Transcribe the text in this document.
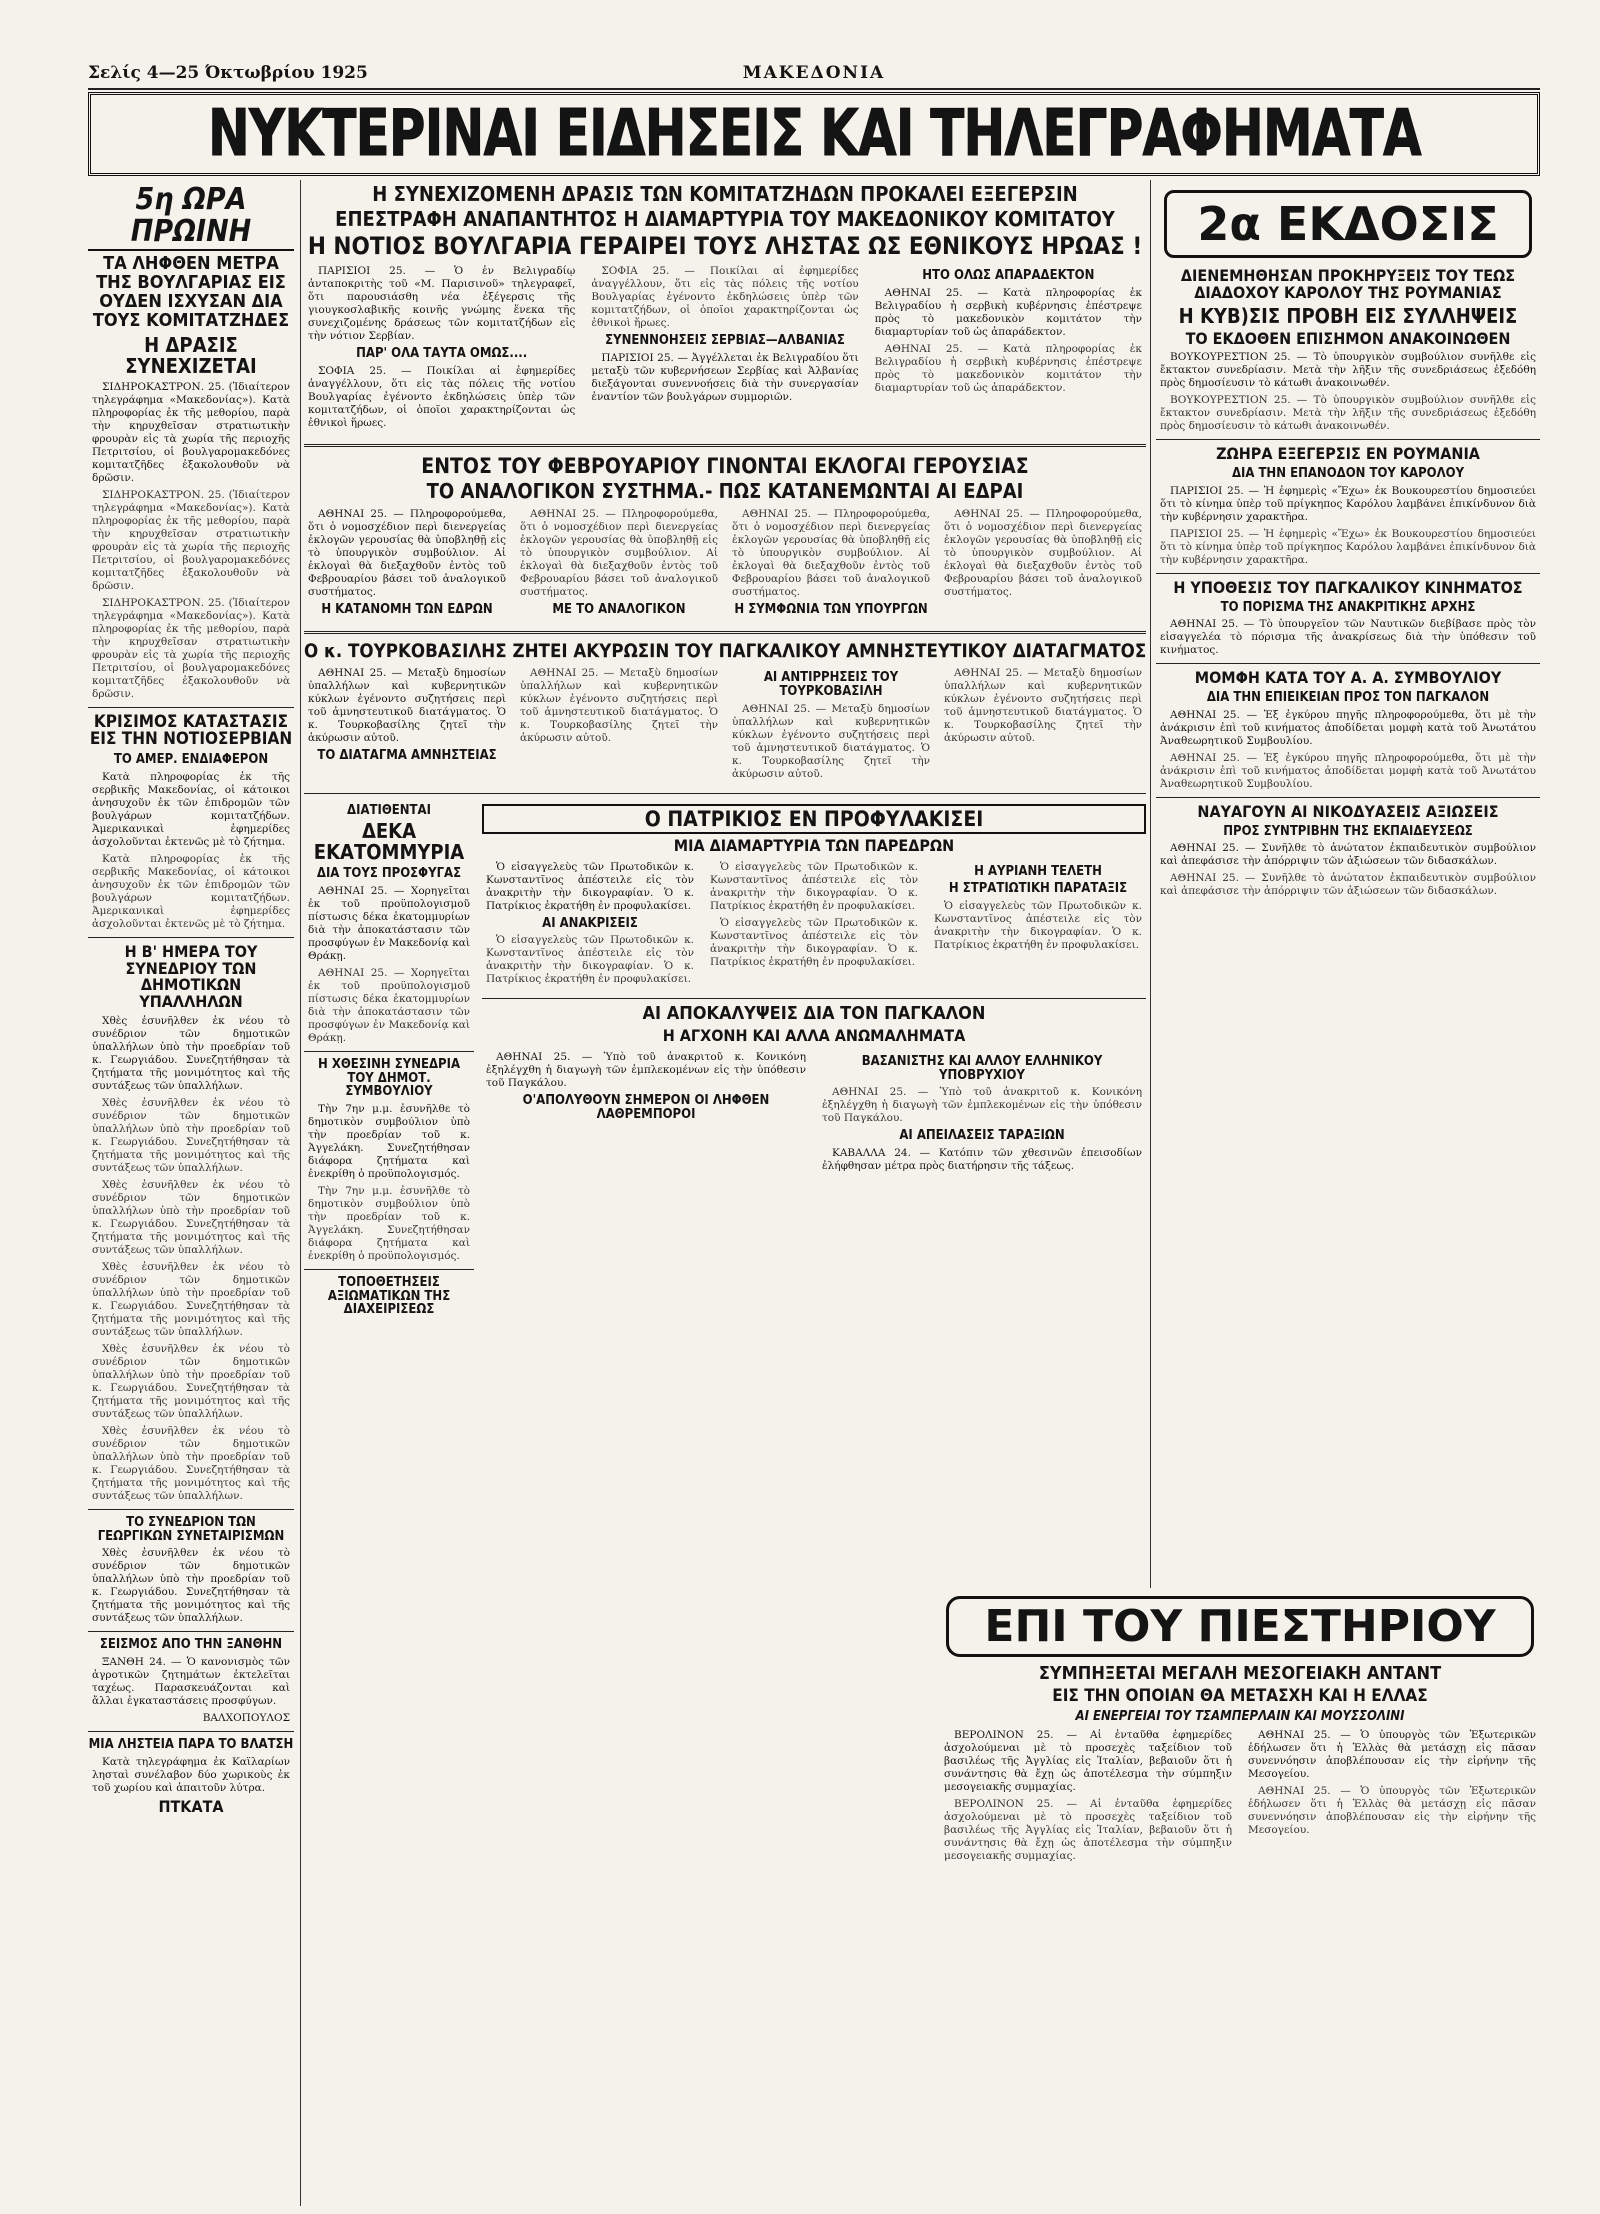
Σελίς 4—25 Όκτωβρίου 1925	ΜΑΚΕΔΟΝΙΑ
ΝΥΚΤΕΡΙΝΑΙ ΕΙΔΗΣΕΙΣ ΚΑΙ ΤΗΛΕΓΡΑΦΗΜΑΤΑ
5η ΩΡΑ ΠΡΩΙΝΗ
ΤΑ ΛΗΦΘΕΝ ΜΕΤΡΑ ΤΗΣ ΒΟΥΛΓΑΡΙΑΣ ΕΙΣ ΟΥΔΕΝ ΙΣΧΥΣΑΝ ΔΙΑ ΤΟΥΣ ΚΟΜΙΤΑΤΖΗΔΕΣ
Η ΔΡΑΣΙΣ ΣΥΝΕΧΙΖΕΤΑΙ

ΣΙΔΗΡΟΚΑΣΤΡΟΝ. 25. (Ἰδιαίτερον τηλεγράφημα «Μακεδονίας»). Κατὰ πληροφορίας ἐκ τῆς μεθορίου, παρὰ τὴν κηρυχθεῖσαν στρατιωτικὴν φρουρὰν εἰς τὰ χωρία τῆς περιοχῆς Πετριτσίου, οἱ βουλγαρομακεδόνες κομιτατζῆδες ἐξακολουθοῦν νὰ δρῶσιν.

ΣΙΔΗΡΟΚΑΣΤΡΟΝ. 25. (Ἰδιαίτερον τηλεγράφημα «Μακεδονίας»). Κατὰ πληροφορίας ἐκ τῆς μεθορίου, παρὰ τὴν κηρυχθεῖσαν στρατιωτικὴν φρουρὰν εἰς τὰ χωρία τῆς περιοχῆς Πετριτσίου, οἱ βουλγαρομακεδόνες κομιτατζῆδες ἐξακολουθοῦν νὰ δρῶσιν.

ΣΙΔΗΡΟΚΑΣΤΡΟΝ. 25. (Ἰδιαίτερον τηλεγράφημα «Μακεδονίας»). Κατὰ πληροφορίας ἐκ τῆς μεθορίου, παρὰ τὴν κηρυχθεῖσαν στρατιωτικὴν φρουρὰν εἰς τὰ χωρία τῆς περιοχῆς Πετριτσίου, οἱ βουλγαρομακεδόνες κομιτατζῆδες ἐξακολουθοῦν νὰ δρῶσιν.

ΚΡΙΣΙΜΟΣ ΚΑΤΑΣΤΑΣΙΣ ΕΙΣ ΤΗΝ ΝΟΤΙΟΣΕΡΒΙΑΝ
ΤΟ ΑΜΕΡ. ΕΝΔΙΑΦΕΡΟΝ

Κατὰ πληροφορίας ἐκ τῆς σερβικῆς Μακεδονίας, οἱ κάτοικοι ἀνησυχοῦν ἐκ τῶν ἐπιδρομῶν τῶν βουλγάρων κομιτατζήδων. Ἀμερικανικαὶ ἐφημερίδες ἀσχολοῦνται ἐκτενῶς μὲ τὸ ζήτημα.

Κατὰ πληροφορίας ἐκ τῆς σερβικῆς Μακεδονίας, οἱ κάτοικοι ἀνησυχοῦν ἐκ τῶν ἐπιδρομῶν τῶν βουλγάρων κομιτατζήδων. Ἀμερικανικαὶ ἐφημερίδες ἀσχολοῦνται ἐκτενῶς μὲ τὸ ζήτημα.

Η Β' ΗΜΕΡΑ ΤΟΥ ΣΥΝΕΔΡΙΟΥ ΤΩΝ ΔΗΜΟΤΙΚΩΝ ΥΠΑΛΛΗΛΩΝ

Χθὲς ἐσυνῆλθεν ἐκ νέου τὸ συνέδριον τῶν δημοτικῶν ὑπαλλήλων ὑπὸ τὴν προεδρίαν τοῦ κ. Γεωργιάδου. Συνεζητήθησαν τὰ ζητήματα τῆς μονιμότητος καὶ τῆς συντάξεως τῶν ὑπαλλήλων.

Χθὲς ἐσυνῆλθεν ἐκ νέου τὸ συνέδριον τῶν δημοτικῶν ὑπαλλήλων ὑπὸ τὴν προεδρίαν τοῦ κ. Γεωργιάδου. Συνεζητήθησαν τὰ ζητήματα τῆς μονιμότητος καὶ τῆς συντάξεως τῶν ὑπαλλήλων.

Χθὲς ἐσυνῆλθεν ἐκ νέου τὸ συνέδριον τῶν δημοτικῶν ὑπαλλήλων ὑπὸ τὴν προεδρίαν τοῦ κ. Γεωργιάδου. Συνεζητήθησαν τὰ ζητήματα τῆς μονιμότητος καὶ τῆς συντάξεως τῶν ὑπαλλήλων.

Χθὲς ἐσυνῆλθεν ἐκ νέου τὸ συνέδριον τῶν δημοτικῶν ὑπαλλήλων ὑπὸ τὴν προεδρίαν τοῦ κ. Γεωργιάδου. Συνεζητήθησαν τὰ ζητήματα τῆς μονιμότητος καὶ τῆς συντάξεως τῶν ὑπαλλήλων.

Χθὲς ἐσυνῆλθεν ἐκ νέου τὸ συνέδριον τῶν δημοτικῶν ὑπαλλήλων ὑπὸ τὴν προεδρίαν τοῦ κ. Γεωργιάδου. Συνεζητήθησαν τὰ ζητήματα τῆς μονιμότητος καὶ τῆς συντάξεως τῶν ὑπαλλήλων.

Χθὲς ἐσυνῆλθεν ἐκ νέου τὸ συνέδριον τῶν δημοτικῶν ὑπαλλήλων ὑπὸ τὴν προεδρίαν τοῦ κ. Γεωργιάδου. Συνεζητήθησαν τὰ ζητήματα τῆς μονιμότητος καὶ τῆς συντάξεως τῶν ὑπαλλήλων.

ΤΟ ΣΥΝΕΔΡΙΟΝ ΤΩΝ ΓΕΩΡΓΙΚΩΝ ΣΥΝΕΤΑΙΡΙΣΜΩΝ

Χθὲς ἐσυνῆλθεν ἐκ νέου τὸ συνέδριον τῶν δημοτικῶν ὑπαλλήλων ὑπὸ τὴν προεδρίαν τοῦ κ. Γεωργιάδου. Συνεζητήθησαν τὰ ζητήματα τῆς μονιμότητος καὶ τῆς συντάξεως τῶν ὑπαλλήλων.

ΣΕΙΣΜΟΣ ΑΠΟ ΤΗΝ ΞΑΝΘΗΝ

ΞΑΝΘΗ 24. — Ὁ κανονισμὸς τῶν ἀγροτικῶν ζητημάτων ἐκτελεῖται ταχέως. Παρασκευάζονται καὶ ἄλλαι ἐγκαταστάσεις προσφύγων.

ΒΑΛΧΟΠΟΥΛΟΣ

ΜΙΑ ΛΗΣΤΕΙΑ ΠΑΡΑ ΤΟ ΒΛΑΤΣΗ

Κατὰ τηλεγράφημα ἐκ Καϊλαρίων λησταὶ συνέλαβον δύο χωρικοὺς ἐκ τοῦ χωρίου καὶ ἀπαιτοῦν λύτρα.

ΠΤΚΑΤΑ
Η ΣΥΝΕΧΙΖΟΜΕΝΗ ΔΡΑΣΙΣ ΤΩΝ ΚΟΜΙΤΑΤΖΗΔΩΝ ΠΡΟΚΑΛΕΙ ΕΞΕΓΕΡΣΙΝ
ΕΠΕΣΤΡΑΦΗ ΑΝΑΠΑΝΤΗΤΟΣ Η ΔΙΑΜΑΡΤΥΡΙΑ ΤΟΥ ΜΑΚΕΔΟΝΙΚΟΥ ΚΟΜΙΤΑΤΟΥ
Η ΝΟΤΙΟΣ ΒΟΥΛΓΑΡΙΑ ΓΕΡΑΙΡΕΙ ΤΟΥΣ ΛΗΣΤΑΣ ΩΣ ΕΘΝΙΚΟΥΣ ΗΡΩΑΣ !

ΠΑΡΙΣΙΟΙ 25. — Ὁ ἐν Βελιγραδίῳ ἀνταποκριτὴς τοῦ «Μ. Παρισινοῦ» τηλεγραφεῖ, ὅτι παρουσιάσθη νέα ἐξέγερσις τῆς γιουγκοσλαβικῆς κοινῆς γνώμης ἕνεκα τῆς συνεχιζομένης δράσεως τῶν κομιτατζήδων εἰς τὴν νότιον Σερβίαν.

ΠΑΡ' ΟΛΑ ΤΑΥΤΑ ΟΜΩΣ....

ΣΟΦΙΑ 25. — Ποικίλαι αἱ ἐφημερίδες ἀναγγέλλουν, ὅτι εἰς τὰς πόλεις τῆς νοτίου Βουλγαρίας ἐγένοντο ἐκδηλώσεις ὑπὲρ τῶν κομιτατζήδων, οἱ ὁποῖοι χαρακτηρίζονται ὡς ἐθνικοὶ ἥρωες.

ΣΟΦΙΑ 25. — Ποικίλαι αἱ ἐφημερίδες ἀναγγέλλουν, ὅτι εἰς τὰς πόλεις τῆς νοτίου Βουλγαρίας ἐγένοντο ἐκδηλώσεις ὑπὲρ τῶν κομιτατζήδων, οἱ ὁποῖοι χαρακτηρίζονται ὡς ἐθνικοὶ ἥρωες.

ΣΥΝΕΝΝΟΗΣΕΙΣ ΣΕΡΒΙΑΣ—ΑΛΒΑΝΙΑΣ

ΠΑΡΙΣΙΟΙ 25. — Ἀγγέλλεται ἐκ Βελιγραδίου ὅτι μεταξὺ τῶν κυβερνήσεων Σερβίας καὶ Ἀλβανίας διεξάγονται συνεννοήσεις διὰ τὴν συνεργασίαν ἐναντίον τῶν βουλγάρων συμμοριῶν.

ΗΤΟ ΟΛΩΣ ΑΠΑΡΑΔΕΚΤΟΝ

ΑΘΗΝΑΙ 25. — Κατὰ πληροφορίας ἐκ Βελιγραδίου ἡ σερβικὴ κυβέρνησις ἐπέστρεψε πρὸς τὸ μακεδονικὸν κομιτάτον τὴν διαμαρτυρίαν τοῦ ὡς ἀπαράδεκτον.

ΑΘΗΝΑΙ 25. — Κατὰ πληροφορίας ἐκ Βελιγραδίου ἡ σερβικὴ κυβέρνησις ἐπέστρεψε πρὸς τὸ μακεδονικὸν κομιτάτον τὴν διαμαρτυρίαν τοῦ ὡς ἀπαράδεκτον.

ΕΝΤΟΣ ΤΟΥ ΦΕΒΡΟΥΑΡΙΟΥ ΓΙΝΟΝΤΑΙ ΕΚΛΟΓΑΙ ΓΕΡΟΥΣΙΑΣ
ΤΟ ΑΝΑΛΟΓΙΚΟΝ ΣΥΣΤΗΜΑ.- ΠΩΣ ΚΑΤΑΝΕΜΩΝΤΑΙ ΑΙ ΕΔΡΑΙ

ΑΘΗΝΑΙ 25. — Πληροφορούμεθα, ὅτι ὁ νομοσχέδιον περὶ διενεργείας ἐκλογῶν γερουσίας θὰ ὑποβληθῇ εἰς τὸ ὑπουργικὸν συμβούλιον. Αἱ ἐκλογαὶ θὰ διεξαχθοῦν ἐντὸς τοῦ Φεβρουαρίου βάσει τοῦ ἀναλογικοῦ συστήματος.

Η ΚΑΤΑΝΟΜΗ ΤΩΝ ΕΔΡΩΝ

ΑΘΗΝΑΙ 25. — Πληροφορούμεθα, ὅτι ὁ νομοσχέδιον περὶ διενεργείας ἐκλογῶν γερουσίας θὰ ὑποβληθῇ εἰς τὸ ὑπουργικὸν συμβούλιον. Αἱ ἐκλογαὶ θὰ διεξαχθοῦν ἐντὸς τοῦ Φεβρουαρίου βάσει τοῦ ἀναλογικοῦ συστήματος.

ΜΕ ΤΟ ΑΝΑΛΟΓΙΚΟΝ

ΑΘΗΝΑΙ 25. — Πληροφορούμεθα, ὅτι ὁ νομοσχέδιον περὶ διενεργείας ἐκλογῶν γερουσίας θὰ ὑποβληθῇ εἰς τὸ ὑπουργικὸν συμβούλιον. Αἱ ἐκλογαὶ θὰ διεξαχθοῦν ἐντὸς τοῦ Φεβρουαρίου βάσει τοῦ ἀναλογικοῦ συστήματος.

Η ΣΥΜΦΩΝΙΑ ΤΩΝ ΥΠΟΥΡΓΩΝ

ΑΘΗΝΑΙ 25. — Πληροφορούμεθα, ὅτι ὁ νομοσχέδιον περὶ διενεργείας ἐκλογῶν γερουσίας θὰ ὑποβληθῇ εἰς τὸ ὑπουργικὸν συμβούλιον. Αἱ ἐκλογαὶ θὰ διεξαχθοῦν ἐντὸς τοῦ Φεβρουαρίου βάσει τοῦ ἀναλογικοῦ συστήματος.

Ο κ. ΤΟΥΡΚΟΒΑΣΙΛΗΣ ΖΗΤΕΙ ΑΚΥΡΩΣΙΝ ΤΟΥ ΠΑΓΚΑΛΙΚΟΥ ΑΜΝΗΣΤΕΥΤΙΚΟΥ ΔΙΑΤΑΓΜΑΤΟΣ

ΑΘΗΝΑΙ 25. — Μεταξὺ δημοσίων ὑπαλλήλων καὶ κυβερνητικῶν κύκλων ἐγένοντο συζητήσεις περὶ τοῦ ἀμνηστευτικοῦ διατάγματος. Ὁ κ. Τουρκοβασίλης ζητεῖ τὴν ἀκύρωσιν αὐτοῦ.

ΤΟ ΔΙΑΤΑΓΜΑ ΑΜΝΗΣΤΕΙΑΣ

ΑΘΗΝΑΙ 25. — Μεταξὺ δημοσίων ὑπαλλήλων καὶ κυβερνητικῶν κύκλων ἐγένοντο συζητήσεις περὶ τοῦ ἀμνηστευτικοῦ διατάγματος. Ὁ κ. Τουρκοβασίλης ζητεῖ τὴν ἀκύρωσιν αὐτοῦ.

ΑΙ ΑΝΤΙΡΡΗΣΕΙΣ ΤΟΥ ΤΟΥΡΚΟΒΑΣΙΛΗ

ΑΘΗΝΑΙ 25. — Μεταξὺ δημοσίων ὑπαλλήλων καὶ κυβερνητικῶν κύκλων ἐγένοντο συζητήσεις περὶ τοῦ ἀμνηστευτικοῦ διατάγματος. Ὁ κ. Τουρκοβασίλης ζητεῖ τὴν ἀκύρωσιν αὐτοῦ.

ΑΘΗΝΑΙ 25. — Μεταξὺ δημοσίων ὑπαλλήλων καὶ κυβερνητικῶν κύκλων ἐγένοντο συζητήσεις περὶ τοῦ ἀμνηστευτικοῦ διατάγματος. Ὁ κ. Τουρκοβασίλης ζητεῖ τὴν ἀκύρωσιν αὐτοῦ.

ΔΙΑΤΙΘΕΝΤΑΙ
ΔΕΚΑ ΕΚΑΤΟΜΜΥΡΙΑ
ΔΙΑ ΤΟΥΣ ΠΡΟΣΦΥΓΑΣ

ΑΘΗΝΑΙ 25. — Χορηγεῖται ἐκ τοῦ προϋπολογισμοῦ πίστωσις δέκα ἑκατομμυρίων διὰ τὴν ἀποκατάστασιν τῶν προσφύγων ἐν Μακεδονίᾳ καὶ Θράκῃ.

ΑΘΗΝΑΙ 25. — Χορηγεῖται ἐκ τοῦ προϋπολογισμοῦ πίστωσις δέκα ἑκατομμυρίων διὰ τὴν ἀποκατάστασιν τῶν προσφύγων ἐν Μακεδονίᾳ καὶ Θράκῃ.

Η ΧΘΕΣΙΝΗ ΣΥΝΕΔΡΙΑ ΤΟΥ ΔΗΜΟΤ. ΣΥΜΒΟΥΛΙΟΥ

Τὴν 7ην μ.μ. ἐσυνῆλθε τὸ δημοτικὸν συμβούλιον ὑπὸ τὴν προεδρίαν τοῦ κ. Ἀγγελάκη. Συνεζητήθησαν διάφορα ζητήματα καὶ ἐνεκρίθη ὁ προϋπολογισμός.

Τὴν 7ην μ.μ. ἐσυνῆλθε τὸ δημοτικὸν συμβούλιον ὑπὸ τὴν προεδρίαν τοῦ κ. Ἀγγελάκη. Συνεζητήθησαν διάφορα ζητήματα καὶ ἐνεκρίθη ὁ προϋπολογισμός.

ΤΟΠΟΘΕΤΗΣΕΙΣ ΑΞΙΩΜΑΤΙΚΩΝ ΤΗΣ ΔΙΑΧΕΙΡΙΣΕΩΣ
Ο ΠΑΤΡΙΚΙΟΣ ΕΝ ΠΡΟΦΥΛΑΚΙΣΕΙ
ΜΙΑ ΔΙΑΜΑΡΤΥΡΙΑ ΤΩΝ ΠΑΡΕΔΡΩΝ

Ὁ εἰσαγγελεὺς τῶν Πρωτοδικῶν κ. Κωνσταντῖνος ἀπέστειλε εἰς τὸν ἀνακριτὴν τὴν δικογραφίαν. Ὁ κ. Πατρίκιος ἐκρατήθη ἐν προφυλακίσει.

ΑΙ ΑΝΑΚΡΙΣΕΙΣ

Ὁ εἰσαγγελεὺς τῶν Πρωτοδικῶν κ. Κωνσταντῖνος ἀπέστειλε εἰς τὸν ἀνακριτὴν τὴν δικογραφίαν. Ὁ κ. Πατρίκιος ἐκρατήθη ἐν προφυλακίσει.

Ὁ εἰσαγγελεὺς τῶν Πρωτοδικῶν κ. Κωνσταντῖνος ἀπέστειλε εἰς τὸν ἀνακριτὴν τὴν δικογραφίαν. Ὁ κ. Πατρίκιος ἐκρατήθη ἐν προφυλακίσει.

Ὁ εἰσαγγελεὺς τῶν Πρωτοδικῶν κ. Κωνσταντῖνος ἀπέστειλε εἰς τὸν ἀνακριτὴν τὴν δικογραφίαν. Ὁ κ. Πατρίκιος ἐκρατήθη ἐν προφυλακίσει.

Η ΑΥΡΙΑΝΗ ΤΕΛΕΤΗ
Η ΣΤΡΑΤΙΩΤΙΚΗ ΠΑΡΑΤΑΞΙΣ

Ὁ εἰσαγγελεὺς τῶν Πρωτοδικῶν κ. Κωνσταντῖνος ἀπέστειλε εἰς τὸν ἀνακριτὴν τὴν δικογραφίαν. Ὁ κ. Πατρίκιος ἐκρατήθη ἐν προφυλακίσει.

ΑΙ ΑΠΟΚΑΛΥΨΕΙΣ ΔΙΑ ΤΟΝ ΠΑΓΚΑΛΟΝ
Η ΑΓΧΟΝΗ ΚΑΙ ΑΛΛΑ ΑΝΩΜΑΛΗΜΑΤΑ

ΑΘΗΝΑΙ 25. — Ὑπὸ τοῦ ἀνακριτοῦ κ. Κονικόνη ἐξηλέγχθη ἡ διαγωγὴ τῶν ἐμπλεκομένων εἰς τὴν ὑπόθεσιν τοῦ Παγκάλου.

Ο'ΑΠΟΛΥΘΟΥΝ ΣΗΜΕΡΟΝ ΟΙ ΛΗΦΘΕΝ ΛΑΘΡΕΜΠΟΡΟΙ
ΒΑΣΑΝΙΣΤΗΣ ΚΑΙ ΑΛΛΟΥ ΕΛΛΗΝΙΚΟΥ ΥΠΟΒΡΥΧΙΟΥ

ΑΘΗΝΑΙ 25. — Ὑπὸ τοῦ ἀνακριτοῦ κ. Κονικόνη ἐξηλέγχθη ἡ διαγωγὴ τῶν ἐμπλεκομένων εἰς τὴν ὑπόθεσιν τοῦ Παγκάλου.

ΑΙ ΑΠΕΙΛΑΣΕΙΣ ΤΑΡΑΞΙΩΝ

ΚΑΒΑΛΛΑ 24. — Κατόπιν τῶν χθεσινῶν ἐπεισοδίων ἐλήφθησαν μέτρα πρὸς διατήρησιν τῆς τάξεως.

2α ΕΚΔΟΣΙΣ
ΔΙΕΝΕΜΗΘΗΣΑΝ ΠΡΟΚΗΡΥΞΕΙΣ ΤΟΥ ΤΕΩΣ ΔΙΑΔΟΧΟΥ ΚΑΡΟΛΟΥ ΤΗΣ ΡΟΥΜΑΝΙΑΣ
Η ΚΥΒ)ΣΙΣ ΠΡΟΒΗ ΕΙΣ ΣΥΛΛΗΨΕΙΣ
ΤΟ ΕΚΔΟΘΕΝ ΕΠΙΣΗΜΟΝ ΑΝΑΚΟΙΝΩΘΕΝ

ΒΟΥΚΟΥΡΕΣΤΙΟΝ 25. — Τὸ ὑπουργικὸν συμβούλιον συνῆλθε εἰς ἔκτακτον συνεδρίασιν. Μετὰ τὴν λῆξιν τῆς συνεδριάσεως ἐξεδόθη πρὸς δημοσίευσιν τὸ κάτωθι ἀνακοινωθέν.

ΒΟΥΚΟΥΡΕΣΤΙΟΝ 25. — Τὸ ὑπουργικὸν συμβούλιον συνῆλθε εἰς ἔκτακτον συνεδρίασιν. Μετὰ τὴν λῆξιν τῆς συνεδριάσεως ἐξεδόθη πρὸς δημοσίευσιν τὸ κάτωθι ἀνακοινωθέν.

ΖΩΗΡΑ ΕΞΕΓΕΡΣΙΣ ΕΝ ΡΟΥΜΑΝΙΑ
ΔΙΑ ΤΗΝ ΕΠΑΝΟΔΟΝ ΤΟΥ ΚΑΡΟΛΟΥ

ΠΑΡΙΣΙΟΙ 25. — Ἡ ἐφημερὶς «Ἔχω» ἐκ Βουκουρεστίου δημοσιεύει ὅτι τὸ κίνημα ὑπὲρ τοῦ πρίγκηπος Καρόλου λαμβάνει ἐπικίνδυνον διὰ τὴν κυβέρνησιν χαρακτῆρα.

ΠΑΡΙΣΙΟΙ 25. — Ἡ ἐφημερὶς «Ἔχω» ἐκ Βουκουρεστίου δημοσιεύει ὅτι τὸ κίνημα ὑπὲρ τοῦ πρίγκηπος Καρόλου λαμβάνει ἐπικίνδυνον διὰ τὴν κυβέρνησιν χαρακτῆρα.

Η ΥΠΟΘΕΣΙΣ ΤΟΥ ΠΑΓΚΑΛΙΚΟΥ ΚΙΝΗΜΑΤΟΣ
ΤΟ ΠΟΡΙΣΜΑ ΤΗΣ ΑΝΑΚΡΙΤΙΚΗΣ ΑΡΧΗΣ

ΑΘΗΝΑΙ 25. — Τὸ ὑπουργεῖον τῶν Ναυτικῶν διεβίβασε πρὸς τὸν εἰσαγγελέα τὸ πόρισμα τῆς ἀνακρίσεως διὰ τὴν ὑπόθεσιν τοῦ κινήματος.

ΜΟΜΦΗ ΚΑΤΑ ΤΟΥ Α. Α. ΣΥΜΒΟΥΛΙΟΥ
ΔΙΑ ΤΗΝ ΕΠΙΕΙΚΕΙΑΝ ΠΡΟΣ ΤΟΝ ΠΑΓΚΑΛΟΝ

ΑΘΗΝΑΙ 25. — Ἐξ ἐγκύρου πηγῆς πληροφορούμεθα, ὅτι μὲ τὴν ἀνάκρισιν ἐπὶ τοῦ κινήματος ἀποδίδεται μομφὴ κατὰ τοῦ Ἀνωτάτου Ἀναθεωρητικοῦ Συμβουλίου.

ΑΘΗΝΑΙ 25. — Ἐξ ἐγκύρου πηγῆς πληροφορούμεθα, ὅτι μὲ τὴν ἀνάκρισιν ἐπὶ τοῦ κινήματος ἀποδίδεται μομφὴ κατὰ τοῦ Ἀνωτάτου Ἀναθεωρητικοῦ Συμβουλίου.

ΝΑΥΑΓΟΥΝ ΑΙ ΝΙΚΟΔΥΑΣΕΙΣ ΑΞΙΩΣΕΙΣ
ΠΡΟΣ ΣΥΝΤΡΙΒΗΝ ΤΗΣ ΕΚΠΑΙΔΕΥΣΕΩΣ

ΑΘΗΝΑΙ 25. — Συνῆλθε τὸ ἀνώτατον ἐκπαιδευτικὸν συμβούλιον καὶ ἀπεφάσισε τὴν ἀπόρριψιν τῶν ἀξιώσεων τῶν διδασκάλων.

ΑΘΗΝΑΙ 25. — Συνῆλθε τὸ ἀνώτατον ἐκπαιδευτικὸν συμβούλιον καὶ ἀπεφάσισε τὴν ἀπόρριψιν τῶν ἀξιώσεων τῶν διδασκάλων.

ΕΠΙ ΤΟΥ ΠΙΕΣΤΗΡΙΟΥ
ΣΥΜΠΗΞΕΤΑΙ ΜΕΓΑΛΗ ΜΕΣΟΓΕΙΑΚΗ ΑΝΤΑΝΤ
ΕΙΣ ΤΗΝ ΟΠΟΙΑΝ ΘΑ ΜΕΤΑΣΧΗ ΚΑΙ Η ΕΛΛΑΣ
ΑΙ ΕΝΕΡΓΕΙΑΙ ΤΟΥ ΤΣΑΜΠΕΡΛΑΙΝ ΚΑΙ ΜΟΥΣΣΟΛΙΝΙ

ΒΕΡΟΛΙΝΟΝ 25. — Αἱ ἐνταῦθα ἐφημερίδες ἀσχολούμεναι μὲ τὸ προσεχὲς ταξείδιον τοῦ βασιλέως τῆς Ἀγγλίας εἰς Ἰταλίαν, βεβαιοῦν ὅτι ἡ συνάντησις θὰ ἔχῃ ὡς ἀποτέλεσμα τὴν σύμπηξιν μεσογειακῆς συμμαχίας.

ΒΕΡΟΛΙΝΟΝ 25. — Αἱ ἐνταῦθα ἐφημερίδες ἀσχολούμεναι μὲ τὸ προσεχὲς ταξείδιον τοῦ βασιλέως τῆς Ἀγγλίας εἰς Ἰταλίαν, βεβαιοῦν ὅτι ἡ συνάντησις θὰ ἔχῃ ὡς ἀποτέλεσμα τὴν σύμπηξιν μεσογειακῆς συμμαχίας.

ΑΘΗΝΑΙ 25. — Ὁ ὑπουργὸς τῶν Ἐξωτερικῶν ἐδήλωσεν ὅτι ἡ Ἑλλὰς θὰ μετάσχῃ εἰς πᾶσαν συνεννόησιν ἀποβλέπουσαν εἰς τὴν εἰρήνην τῆς Μεσογείου.

ΑΘΗΝΑΙ 25. — Ὁ ὑπουργὸς τῶν Ἐξωτερικῶν ἐδήλωσεν ὅτι ἡ Ἑλλὰς θὰ μετάσχῃ εἰς πᾶσαν συνεννόησιν ἀποβλέπουσαν εἰς τὴν εἰρήνην τῆς Μεσογείου.
